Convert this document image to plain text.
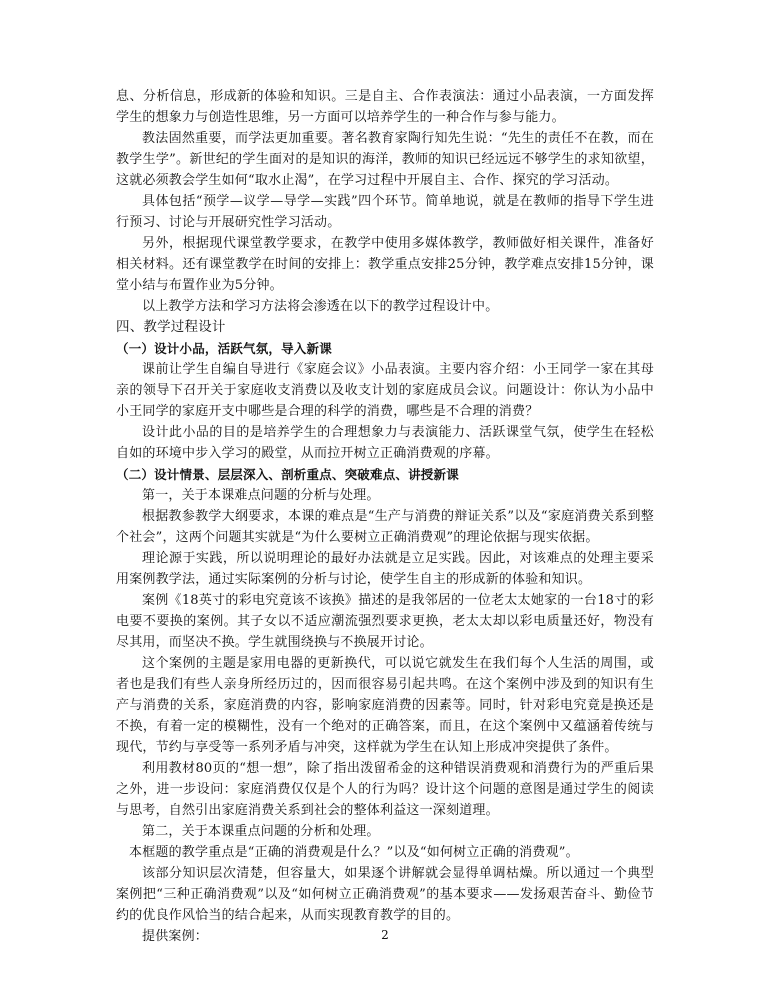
息、分析信息，形成新的体验和知识。三是自主、合作表演法：通过小品表演，一方面发挥学生的想象力与创造性思维，另一方面可以培养学生的一种合作与参与能力。

教法固然重要，而学法更加重要。著名教育家陶行知先生说：“先生的责任不在教，而在教学生学”。新世纪的学生面对的是知识的海洋，教师的知识已经远远不够学生的求知欲望，这就必须教会学生如何“取水止渴”，在学习过程中开展自主、合作、探究的学习活动。

具体包括“预学—议学—导学—实践”四个环节。简单地说，就是在教师的指导下学生进行预习、讨论与开展研究性学习活动。

另外，根据现代课堂教学要求，在教学中使用多媒体教学，教师做好相关课件，准备好相关材料。还有课堂教学在时间的安排上：教学重点安排25分钟，教学难点安排15分钟，课堂小结与布置作业为5分钟。

以上教学方法和学习方法将会渗透在以下的教学过程设计中。

四、教学过程设计

（一）设计小品，活跃气氛，导入新课

课前让学生自编自导进行《家庭会议》小品表演。主要内容介绍：小王同学一家在其母亲的领导下召开关于家庭收支消费以及收支计划的家庭成员会议。问题设计：你认为小品中小王同学的家庭开支中哪些是合理的科学的消费，哪些是不合理的消费？

设计此小品的目的是培养学生的合理想象力与表演能力、活跃课堂气氛，使学生在轻松自如的环境中步入学习的殿堂，从而拉开树立正确消费观的序幕。

（二）设计情景、层层深入、剖析重点、突破难点、讲授新课

第一，关于本课难点问题的分析与处理。

根据教参教学大纲要求，本课的难点是“生产与消费的辩证关系”以及“家庭消费关系到整个社会”，这两个问题其实就是“为什么要树立正确消费观”的理论依据与现实依据。

理论源于实践，所以说明理论的最好办法就是立足实践。因此，对该难点的处理主要采用案例教学法，通过实际案例的分析与讨论，使学生自主的形成新的体验和知识。

案例《18英寸的彩电究竟该不该换》描述的是我邻居的一位老太太她家的一台18寸的彩电要不要换的案例。其子女以不适应潮流强烈要求更换，老太太却以彩电质量还好，物没有尽其用，而坚决不换。学生就围绕换与不换展开讨论。

这个案例的主题是家用电器的更新换代，可以说它就发生在我们每个人生活的周围，或者也是我们有些人亲身所经历过的，因而很容易引起共鸣。在这个案例中涉及到的知识有生产与消费的关系，家庭消费的内容，影响家庭消费的因素等。同时，针对彩电究竟是换还是不换，有着一定的模糊性，没有一个绝对的正确答案，而且，在这个案例中又蕴涵着传统与现代，节约与享受等一系列矛盾与冲突，这样就为学生在认知上形成冲突提供了条件。

利用教材80页的“想一想”，除了指出泼留希金的这种错误消费观和消费行为的严重后果之外，进一步设问：家庭消费仅仅是个人的行为吗？设计这个问题的意图是通过学生的阅读与思考，自然引出家庭消费关系到社会的整体利益这一深刻道理。

第二，关于本课重点问题的分析和处理。

本框题的教学重点是“正确的消费观是什么？”以及“如何树立正确的消费观”。

该部分知识层次清楚，但容量大，如果逐个讲解就会显得单调枯燥。所以通过一个典型案例把“三种正确消费观”以及“如何树立正确消费观”的基本要求——发扬艰苦奋斗、勤俭节约的优良作风恰当的结合起来，从而实现教育教学的目的。

提供案例：	2
